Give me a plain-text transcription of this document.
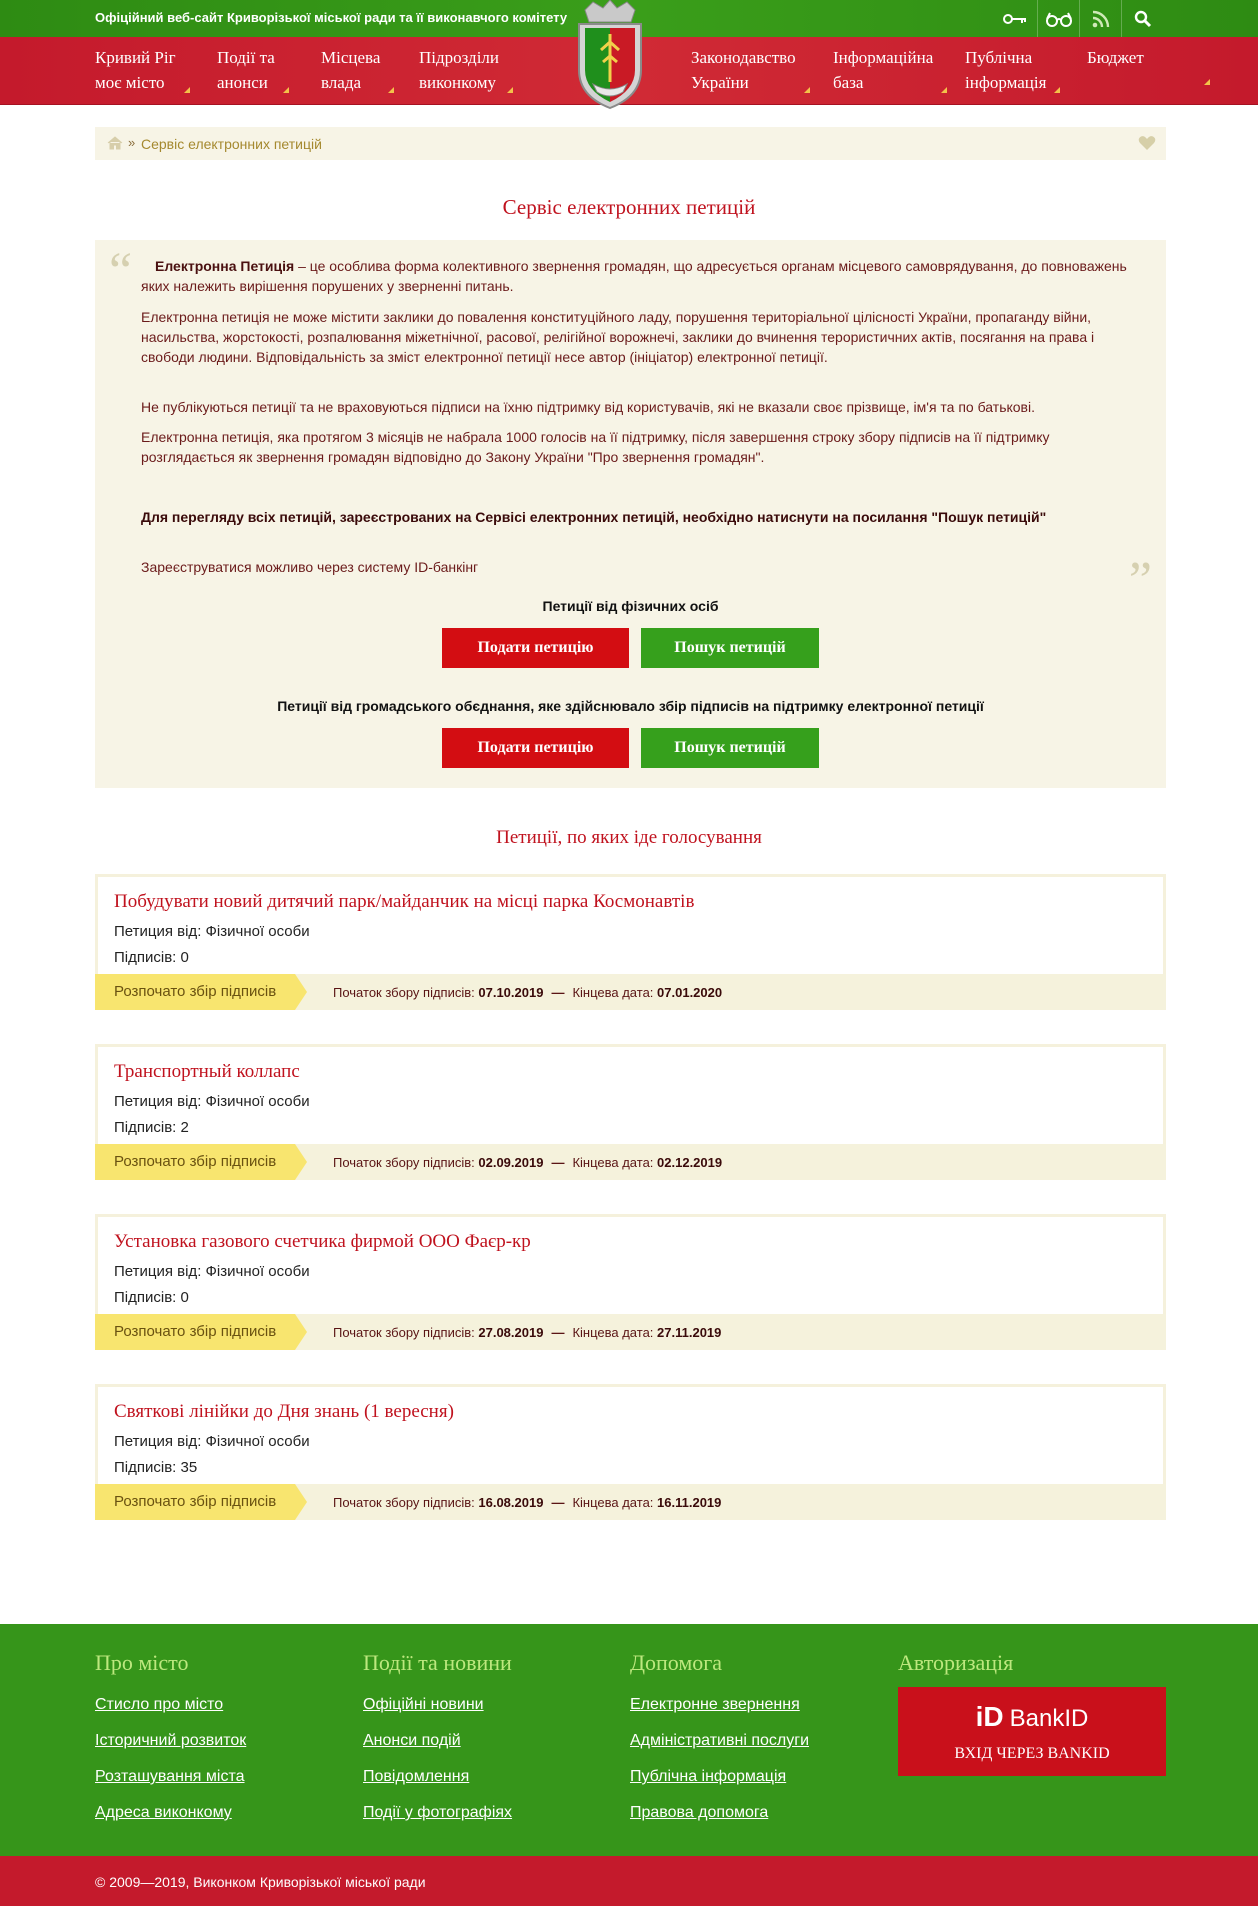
Офіційний веб-сайт Криворізької міської ради та її виконавчого комітету
Кривий Ріг
моє місто
Події та
анонси
Місцева
влада
Підрозділи
виконкому
Законодавство
України
Інформаційна
база
Публічна
інформація
Бюджет
» Сервіс електронних петицій
Сервіс електронних петицій
“	Електронна Петиція – це особлива форма колективного звернення громадян, що адресується органам місцевого самоврядування, до повноважень яких належить вирішення порушених у зверненні питань.

Електронна петиція не може містити заклики до повалення конституційного ладу, порушення територіальної цілісності України, пропаганду війни, насильства, жорстокості, розпалювання міжетнічної, расової, релігійної ворожнечі, заклики до вчинення терористичних актів, посягання на права і свободи людини. Відповідальність за зміст електронної петиції несе автор (ініціатор) електронної петиції.

Не публікуються петиції та не враховуються підписи на їхню підтримку від користувачів, які не вказали своє прізвище, ім'я та по батькові.

Електронна петиція, яка протягом 3 місяців не набрала 1000 голосів на її підтримку, після завершення строку збору підписів на її підтримку розглядається як звернення громадян відповідно до Закону України "Про звернення громадян".

Для перегляду всіх петицій, зареєстрованих на Сервісі електронних петицій, необхідно натиснути на посилання "Пошук петицій"

Зареєструватися можливо через систему ID-банкінг	”
Петиції від фізичних осіб
Подати петицію	Пошук петицій
Петиції від громадського обєднання, яке здійснювало збір підписів на підтримку електронної петиції
Подати петицію	Пошук петицій
Петиції, по яких іде голосування
Побудувати новий дитячий парк/майданчик на місці парка Космонавтів
Петиция від: Фізичної особи
Підписів: 0
Розпочато збір підписів	Початок збору підписів: 07.10.2019 — Кінцева дата: 07.01.2020
Транспортный коллапс
Петиция від: Фізичної особи
Підписів: 2
Розпочато збір підписів	Початок збору підписів: 02.09.2019 — Кінцева дата: 02.12.2019
Установка газового счетчика фирмой ООО Фаєр-кр
Петиция від: Фізичної особи
Підписів: 0
Розпочато збір підписів	Початок збору підписів: 27.08.2019 — Кінцева дата: 27.11.2019
Святкові лінійки до Дня знань (1 вересня)
Петиция від: Фізичної особи
Підписів: 35
Розпочато збір підписів	Початок збору підписів: 16.08.2019 — Кінцева дата: 16.11.2019
Про місто
Стисло про місто
Історичний розвиток
Розташування міста
Адреса виконкому
Події та новини
Офіційні новини
Анонси подій
Повідомлення
Події у фотографіях
Допомога
Електронне звернення
Адміністративні послуги
Публічна інформація
Правова допомога
Авторизація
iD BankID
ВХІД ЧЕРЕЗ BANKID
© 2009—2019, Виконком Криворізької міської ради
